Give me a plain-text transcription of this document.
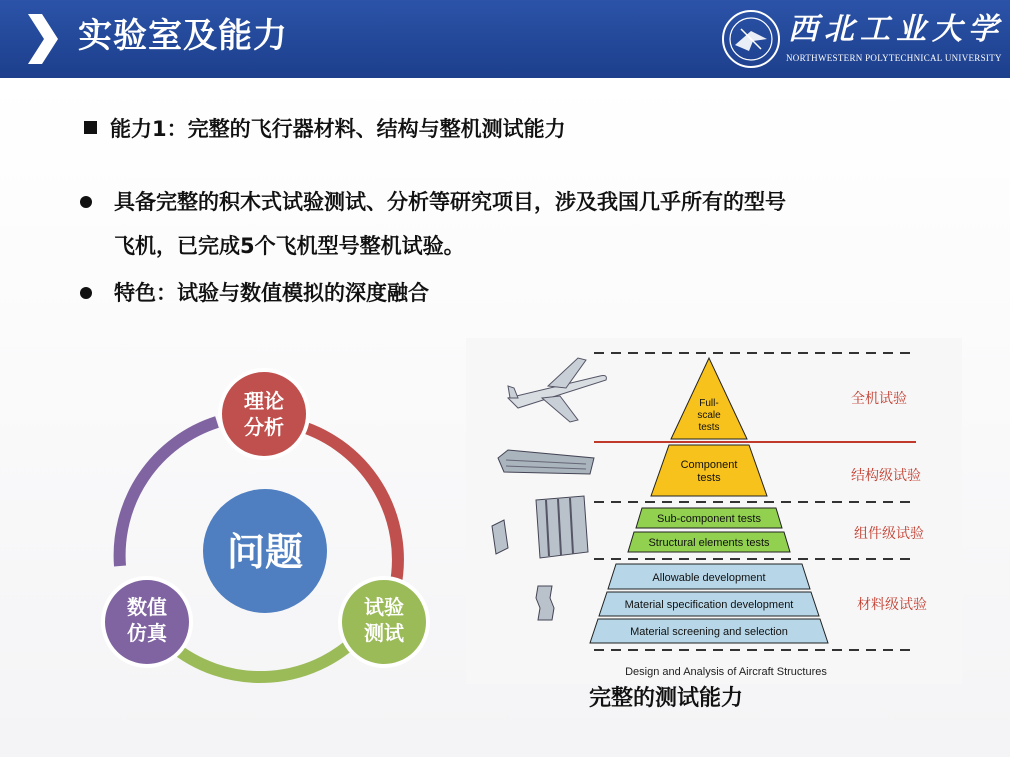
实验室及能力	西北工业大学
NORTHWESTERN POLYTECHNICAL UNIVERSITY
能力1：完整的飞行器材料、结构与整机测试能力
具备完整的积木式试验测试、分析等研究项目，涉及我国几乎所有的型号
飞机，已完成5个飞机型号整机试验。
特色：试验与数值模拟的深度融合
问题
理论
分析
试验
测试
数值
仿真
Full-
scale
tests
Component
tests
Sub-component tests
Structural elements tests
Allowable development
Material specification development
Material screening and selection
全机试验
结构级试验
组件级试验
材料级试验
Design and Analysis of Aircraft Structures
完整的测试能力
